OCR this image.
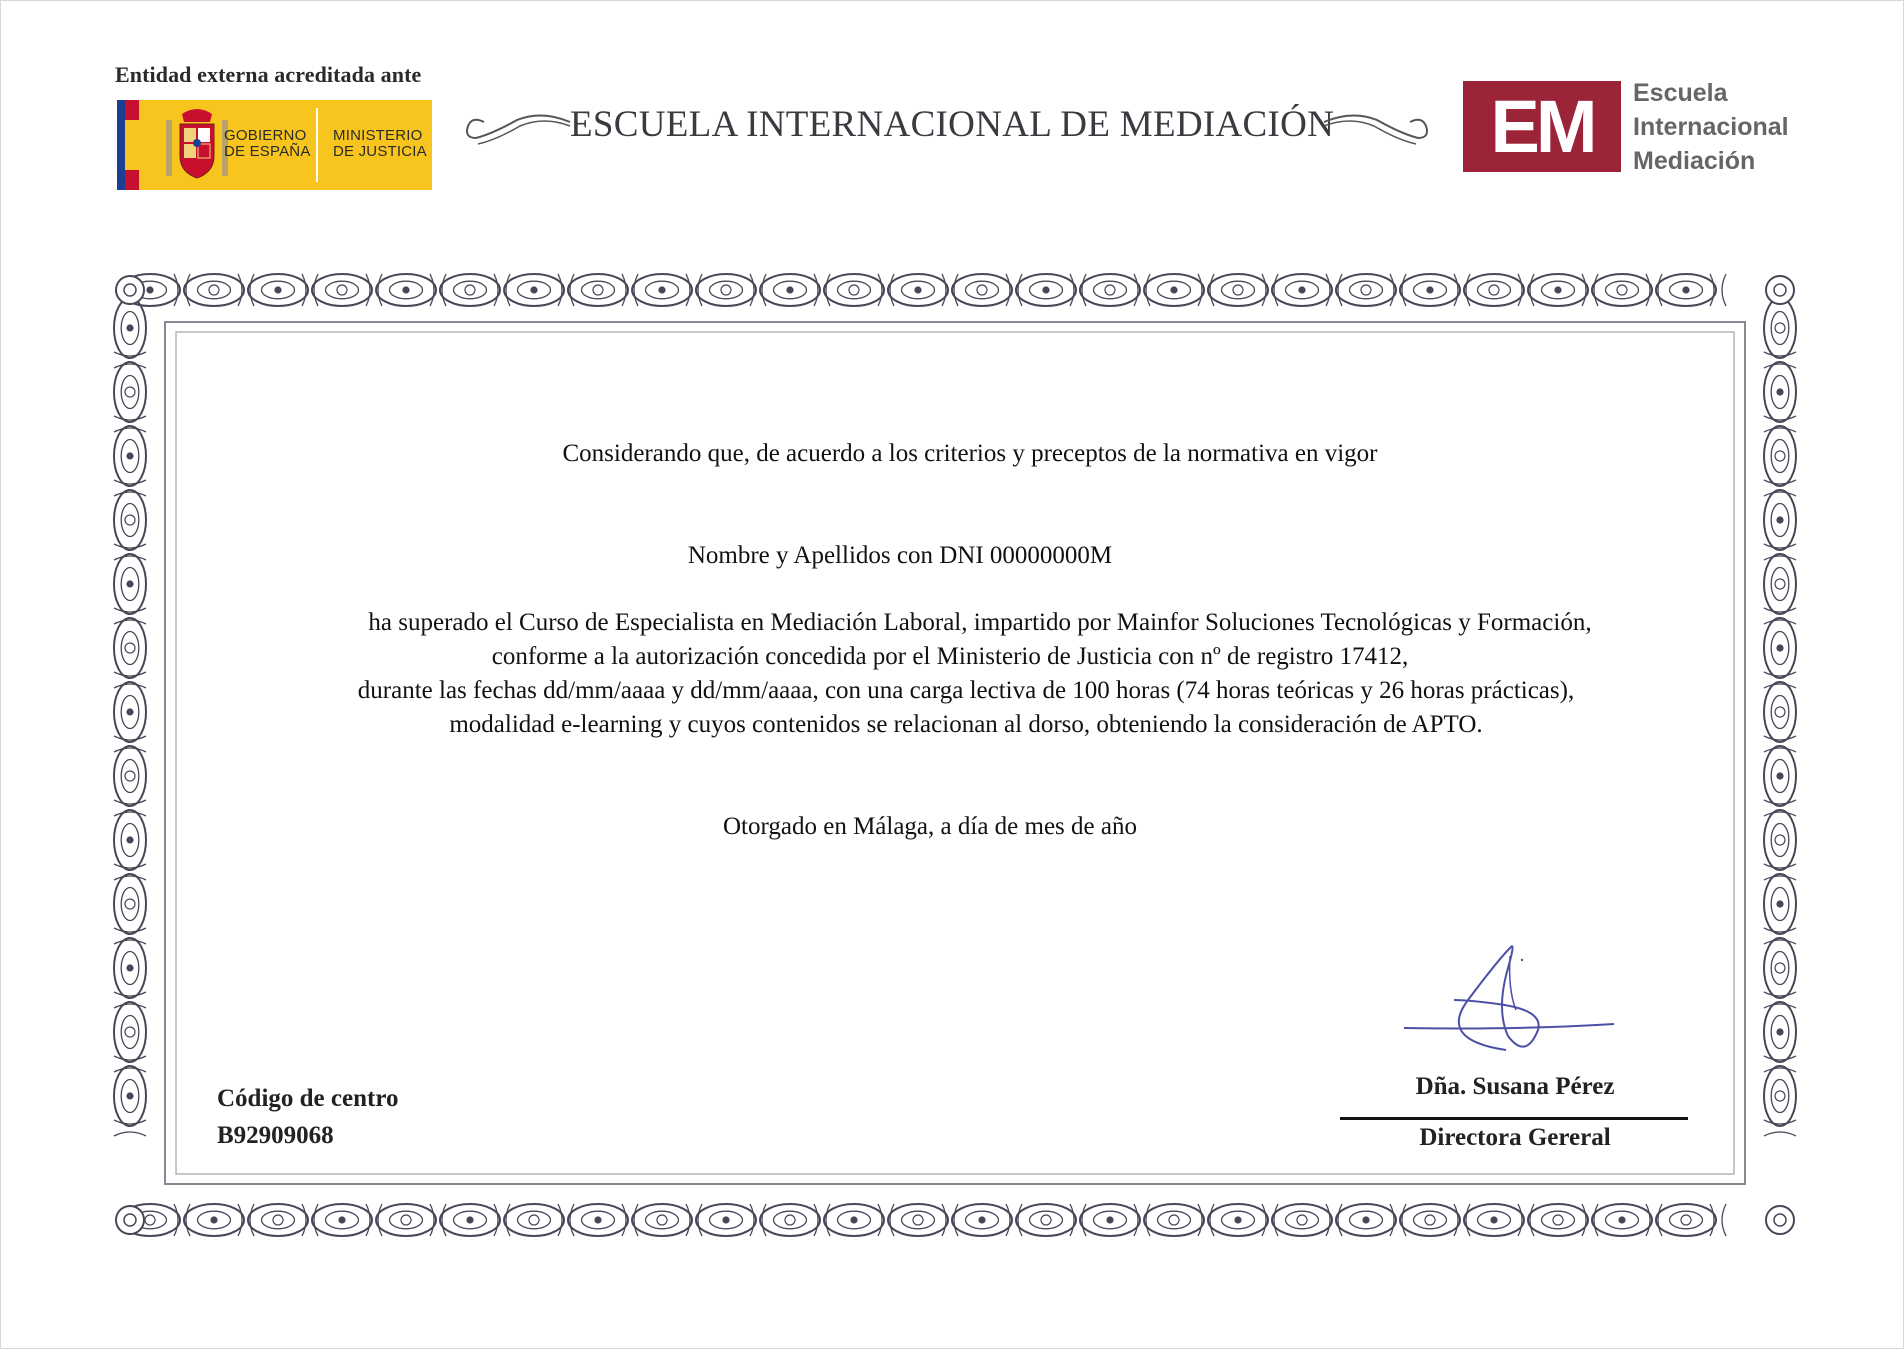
Entidad externa acreditada ante
GOBIERNO
DE ESPAÑA
MINISTERIO
DE JUSTICIA
ESCUELA INTERNACIONAL DE MEDIACIÓN	EM	Escuela
Internacional
Mediación
Considerando que, de acuerdo a los criterios y preceptos de la normativa en vigor
Nombre y Apellidos con DNI 00000000M
ha superado el Curso de Especialista en Mediación Laboral, impartido por Mainfor Soluciones Tecnológicas y Formación,
conforme a la autorización concedida por el Ministerio de Justicia con nº de registro 17412,
durante las fechas dd/mm/aaaa y dd/mm/aaaa, con una carga lectiva de 100 horas (74 horas teóricas y 26 horas prácticas),
modalidad e-learning y cuyos contenidos se relacionan al dorso, obteniendo la consideración de APTO.
Otorgado en Málaga, a día de mes de año
Código de centro
B92909068
Dña. Susana Pérez
Directora Gereral
